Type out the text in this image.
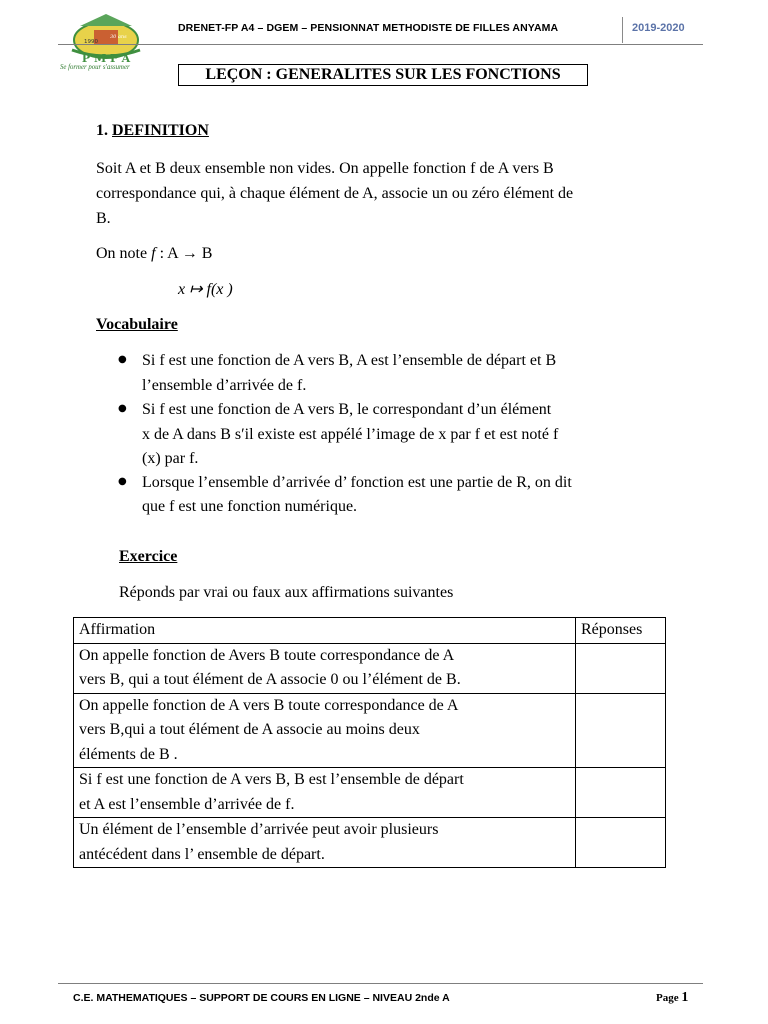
1990
30 ans
P M F A
Se former pour s'assumer
DRENET-FP A4 – DGEM – PENSIONNAT METHODISTE DE FILLES ANYAMA	2019-2020
LEÇON : GENERALITES SUR LES FONCTIONS
1. DEFINITION
Soit A et B deux ensemble non vides. On appelle fonction f de A vers B
correspondance qui, à chaque élément de A, associe un ou zéro élément de
B.
On note f : A → B
x ↦ f(x )
Vocabulaire
● Si f est une fonction de A vers B, A est l’ensemble de départ et B
l’ensemble d’arrivée de f.
● Si f est une fonction de A vers B, le correspondant d’un élément
x de A dans B s′il existe est appélé l’image de x par f et est noté f
(x) par f.
● Lorsque l’ensemble d’arrivée d’ fonction est une partie de R, on dit
que f est une fonction numérique.
Exercice
Réponds par vrai ou faux aux affirmations suivantes
Affirmation	Réponses

On appelle fonction de Avers B toute correspondance de A
vers B, qui a tout élément de A associe 0 ou l’élément de B.	

On appelle fonction de A vers B toute correspondance de A
vers B,qui a tout élément de A associe au moins deux
éléments de B .	

Si f est une fonction de A vers B, B est l’ensemble de départ
et A est l’ensemble d’arrivée de f.	

Un élément de l’ensemble d’arrivée peut avoir plusieurs
antécédent dans l’ ensemble de départ.	

C.E. MATHEMATIQUES – SUPPORT DE COURS EN LIGNE – NIVEAU 2nde A	Page 1
